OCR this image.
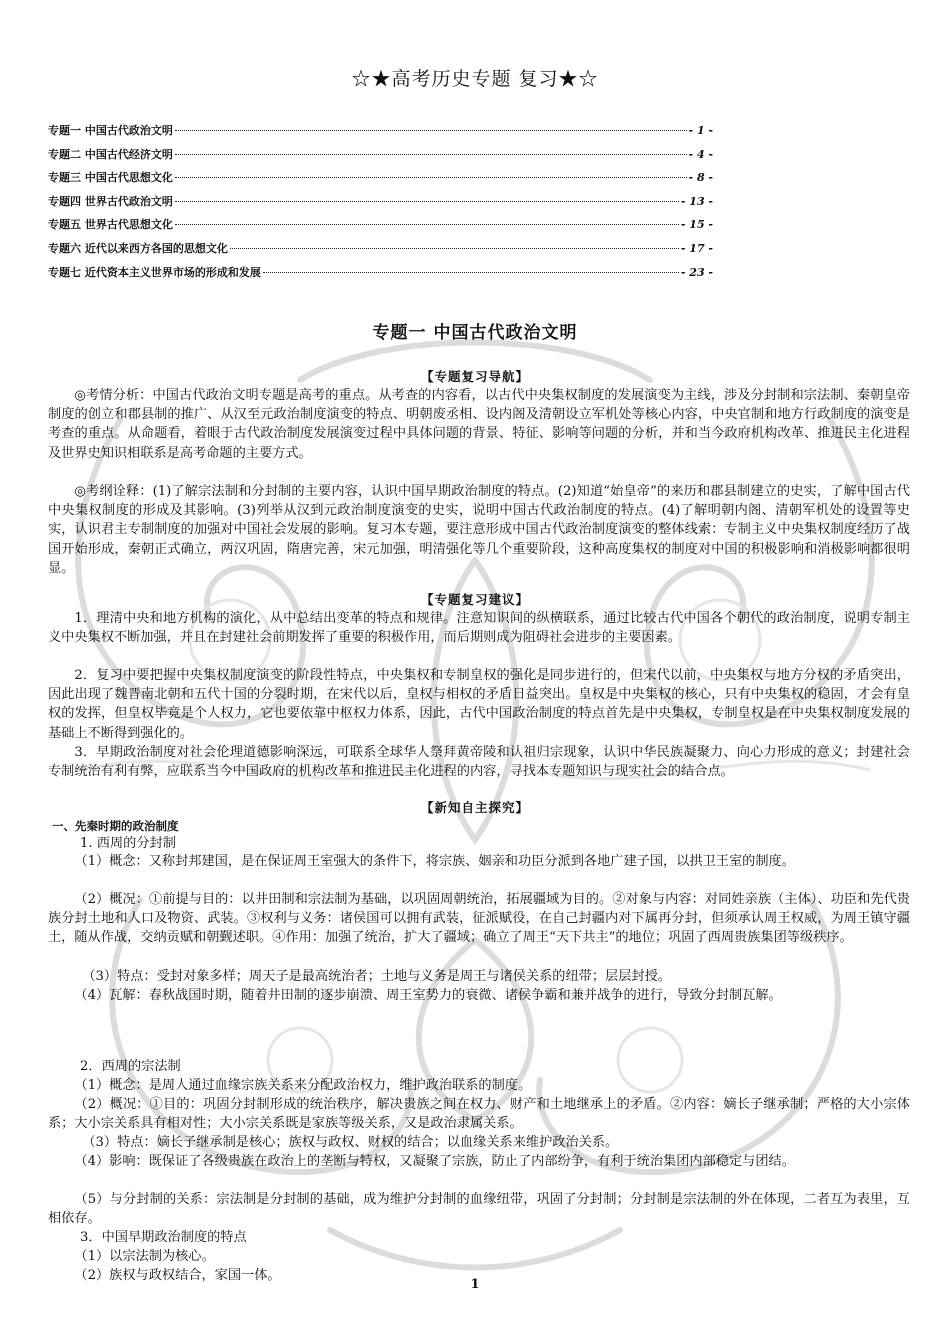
☆★高考历史专题 复习★☆
专题一 中国古代政治文明	- 1 -
专题二 中国古代经济文明	- 4 -
专题三 中国古代思想文化	- 8 -
专题四 世界古代政治文明	- 13 -
专题五 世界古代思想文化	- 15 -
专题六 近代以来西方各国的思想文化	- 17 -
专题七 近代资本主义世界市场的形成和发展	- 23 -
专题一 中国古代政治文明
【专题复习导航】
◎考情分析：中国古代政治文明专题是高考的重点。从考查的内容看，以古代中央集权制度的发展演变为主线，涉及分封制和宗法制、秦朝皇帝制度的创立和郡县制的推广、从汉至元政治制度演变的特点、明朝废丞相、设内阁及清朝设立军机处等核心内容，中央官制和地方行政制度的演变是考查的重点。从命题看，着眼于古代政治制度发展演变过程中具体问题的背景、特征、影响等问题的分析，并和当今政府机构改革、推进民主化进程及世界史知识相联系是高考命题的主要方式。
◎考纲诠释：(1)了解宗法制和分封制的主要内容，认识中国早期政治制度的特点。(2)知道“始皇帝”的来历和郡县制建立的史实，了解中国古代中央集权制度的形成及其影响。(3)列举从汉到元政治制度演变的史实，说明中国古代政治制度的特点。(4)了解明朝内阁、清朝军机处的设置等史实，认识君主专制制度的加强对中国社会发展的影响。复习本专题，要注意形成中国古代政治制度演变的整体线索：专制主义中央集权制度经历了战国开始形成，秦朝正式确立，两汉巩固，隋唐完善，宋元加强，明清强化等几个重要阶段，这种高度集权的制度对中国的积极影响和消极影响都很明显。
【专题复习建议】
1．理清中央和地方机构的演化，从中总结出变革的特点和规律。注意知识间的纵横联系，通过比较古代中国各个朝代的政治制度，说明专制主义中央集权不断加强，并且在封建社会前期发挥了重要的积极作用，而后期则成为阻碍社会进步的主要因素。
2．复习中要把握中央集权制度演变的阶段性特点，中央集权和专制皇权的强化是同步进行的，但宋代以前，中央集权与地方分权的矛盾突出，因此出现了魏晋南北朝和五代十国的分裂时期，在宋代以后，皇权与相权的矛盾日益突出。皇权是中央集权的核心，只有中央集权的稳固，才会有皇权的发挥，但皇权毕竟是个人权力，它也要依靠中枢权力体系，因此，古代中国政治制度的特点首先是中央集权，专制皇权是在中央集权制度发展的基础上不断得到强化的。
3．早期政治制度对社会伦理道德影响深远，可联系全球华人祭拜黄帝陵和认祖归宗现象，认识中华民族凝聚力、向心力形成的意义；封建社会专制统治有利有弊，应联系当今中国政府的机构改革和推进民主化进程的内容，寻找本专题知识与现实社会的结合点。
【新知自主探究】
一、先秦时期的政治制度
1. 西周的分封制
（1）概念：又称封邦建国，是在保证周王室强大的条件下，将宗族、姻亲和功臣分派到各地广建子国，以拱卫王室的制度。
（2）概况：①前提与目的：以井田制和宗法制为基础，以巩固周朝统治，拓展疆域为目的。②对象与内容：对同姓亲族（主体）、功臣和先代贵族分封土地和人口及物资、武装。③权利与义务：诸侯国可以拥有武装，征派赋役，在自己封疆内对下属再分封，但须承认周王权威，为周王镇守疆土，随从作战，交纳贡赋和朝觐述职。④作用：加强了统治，扩大了疆域；确立了周王“天下共主”的地位；巩固了西周贵族集团等级秩序。
（3）特点：受封对象多样；周天子是最高统治者；土地与义务是周王与诸侯关系的纽带；层层封授。
（4）瓦解：春秋战国时期，随着井田制的逐步崩溃、周王室势力的衰微、诸侯争霸和兼并战争的进行，导致分封制瓦解。
2．西周的宗法制
（1）概念：是周人通过血缘宗族关系来分配政治权力，维护政治联系的制度。
（2）概况：①目的：巩固分封制形成的统治秩序，解决贵族之间在权力、财产和土地继承上的矛盾。②内容：嫡长子继承制；严格的大小宗体系；大小宗关系具有相对性；大小宗关系既是家族等级关系，又是政治隶属关系。
（3）特点：嫡长子继承制是核心；族权与政权、财权的结合；以血缘关系来维护政治关系。
（4）影响：既保证了各级贵族在政治上的垄断与特权，又凝聚了宗族，防止了内部纷争，有利于统治集团内部稳定与团结。
（5）与分封制的关系：宗法制是分封制的基础，成为维护分封制的血缘纽带，巩固了分封制；分封制是宗法制的外在体现，二者互为表里，互相依存。
3．中国早期政治制度的特点
（1）以宗法制为核心。
（2）族权与政权结合，家国一体。
1
